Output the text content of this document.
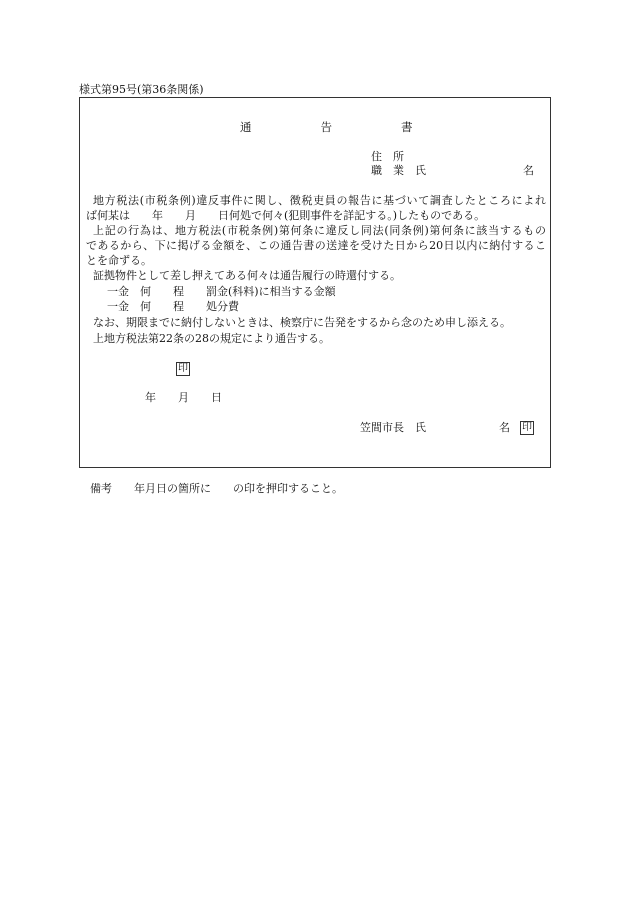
様式第95号(第36条関係)
通　　　　　　告　　　　　　書
住　所
職　業　氏	名
地方税法(市税条例)違反事件に関し、徴税吏員の報告に基づいて調査したところによれ
ば何某は　　年　　月　　日何処で何々(犯則事件を詳記する。)したものである。
上記の行為は、地方税法(市税条例)第何条に違反し同法(同条例)第何条に該当するもの
であるから、下に掲げる金額を、この通告書の送達を受けた日から20日以内に納付するこ
とを命ずる。
証拠物件として差し押えてある何々は通告履行の時還付する。
一金　何　　程　　罰金(科料)に相当する金額
一金　何　　程　　処分費
なお、期限までに納付しないときは、検察庁に告発をするから念のため申し添える。
上地方税法第22条の28の規定により通告する。
印
年　　月　　日
笠間市長　氏	名 印
備考　　年月日の箇所に　　の印を押印すること。
